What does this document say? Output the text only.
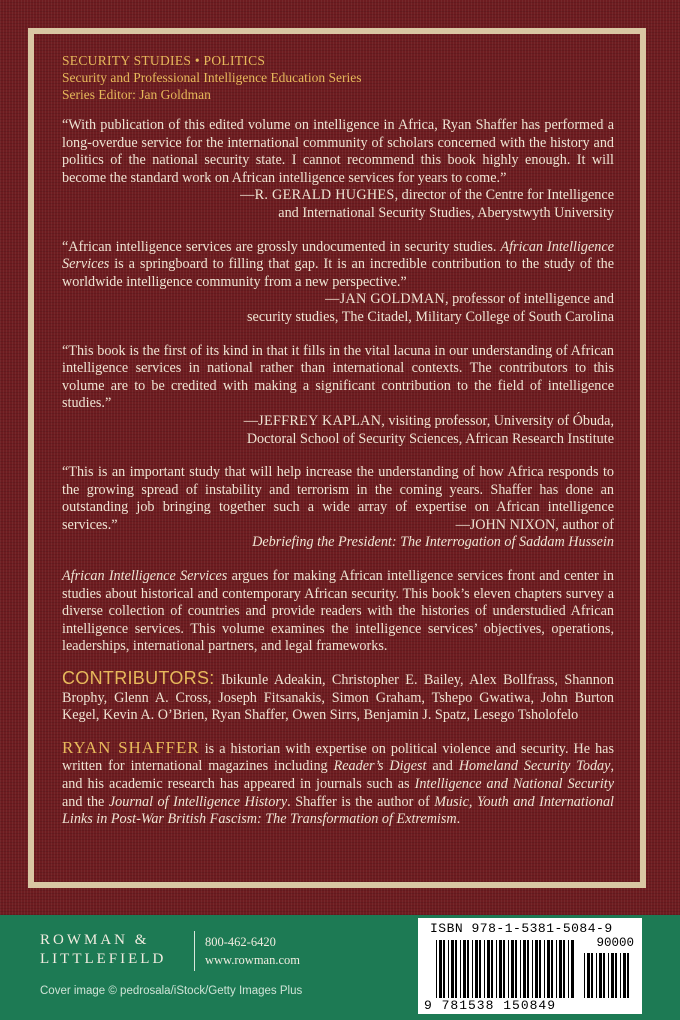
SECURITY STUDIES • POLITICS
Security and Professional Intelligence Education Series
Series Editor: Jan Goldman
“With publication of this edited volume on intelligence in Africa, Ryan Shaffer has performed a long-overdue service for the international community of scholars concerned with the history and politics of the national security state. I cannot recommend this book highly enough. It will become the standard work on African intelligence services for years to come.”
—R. GERALD HUGHES, director of the Centre for Intelligence
and International Security Studies, Aberystwyth University
“African intelligence services are grossly undocumented in security studies. African Intelligence Services is a springboard to filling that gap. It is an incredible contribution to the study of the worldwide intelligence community from a new perspective.”
—JAN GOLDMAN, professor of intelligence and
security studies, The Citadel, Military College of South Carolina
“This book is the first of its kind in that it fills in the vital lacuna in our understanding of African intelligence services in national rather than international contexts. The contributors to this volume are to be credited with making a significant contribution to the field of intelligence studies.”
—JEFFREY KAPLAN, visiting professor, University of Óbuda,
Doctoral School of Security Sciences, African Research Institute
“This is an important study that will help increase the understanding of how Africa responds to the growing spread of instability and terrorism in the coming years. Shaffer has done an outstanding job bringing together such a wide array of expertise on African intelligence services.”	—JOHN NIXON, author of
Debriefing the President: The Interrogation of Saddam Hussein
African Intelligence Services argues for making African intelligence services front and center in studies about historical and contemporary African security. This book’s eleven chapters survey a diverse collection of countries and provide readers with the histories of understudied African intelligence services. This volume examines the intelligence services’ objectives, operations, leaderships, international partners, and legal frameworks.
CONTRIBUTORS: Ibikunle Adeakin, Christopher E. Bailey, Alex Bollfrass, Shannon Brophy, Glenn A. Cross, Joseph Fitsanakis, Simon Graham, Tshepo Gwatiwa, John Burton Kegel, Kevin A. O’Brien, Ryan Shaffer, Owen Sirrs, Benjamin J. Spatz, Lesego Tsholofelo
RYAN SHAFFER is a historian with expertise on political violence and security. He has written for international magazines including Reader’s Digest and Homeland Security Today, and his academic research has appeared in journals such as Intelligence and National Security and the Journal of Intelligence History. Shaffer is the author of Music, Youth and International Links in Post-War British Fascism: The Transformation of Extremism.
ROWMAN &
LITTLEFIELD
800-462-6420
www.rowman.com
Cover image © pedrosala/iStock/Getty Images Plus
ISBN 978-1-5381-5084-9
90000
9 781538 150849
